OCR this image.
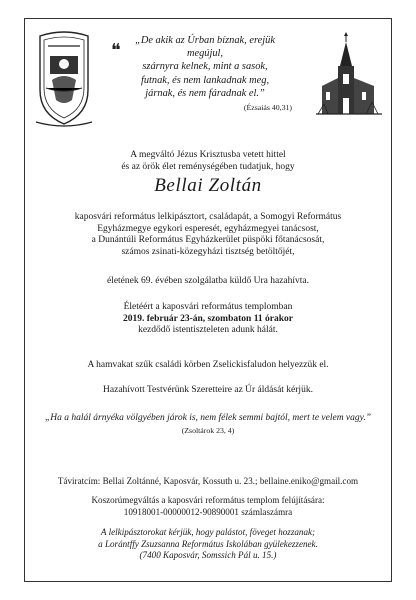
❝	„De akik az Úrban bíznak, erejük megújul,
szárnyra kelnek, mint a sasok,
futnak, és nem lankadnak meg,
járnak, és nem fáradnak el.”
(Ézsaiás 40,31)
A megváltó Jézus Krisztusba vetett hittel
és az örök élet reménységében tudatjuk, hogy
Bellai Zoltán
kaposvári református lelkipásztort, családapát, a Somogyi Református
Egyházmegye egykori esperesét, egyházmegyei tanácsost,
a Dunántúli Református Egyházkerület püspöki főtanácsosát,
számos zsinati-közegyházi tisztség betöltőjét,
életének 69. évében szolgálatba küldő Ura hazahívta.
Életéért a kaposvári református templomban
2019. február 23-án, szombaton 11 órakor
kezdődő istentiszteleten adunk hálát.
A hamvakat szűk családi körben Zselickisfaludon helyezzük el.
Hazahívott Testvérünk Szeretteire az Úr áldását kérjük.
„Ha a halál árnyéka völgyében járok is, nem félek semmi bajtól, mert te velem vagy.”
(Zsoltárok 23, 4)
Táviratcím: Bellai Zoltánné, Kaposvár, Kossuth u. 23.; bellaine.eniko@gmail.com
Koszorúmegváltás a kaposvári református templom felújítására:
10918001-00000012-90890001 számlaszámra
A lelkipásztorokat kérjük, hogy palástot, föveget hozzanak;
a Lorántffy Zsuzsanna Református Iskolában gyülekezzenek.
(7400 Kaposvár, Somssich Pál u. 15.)
